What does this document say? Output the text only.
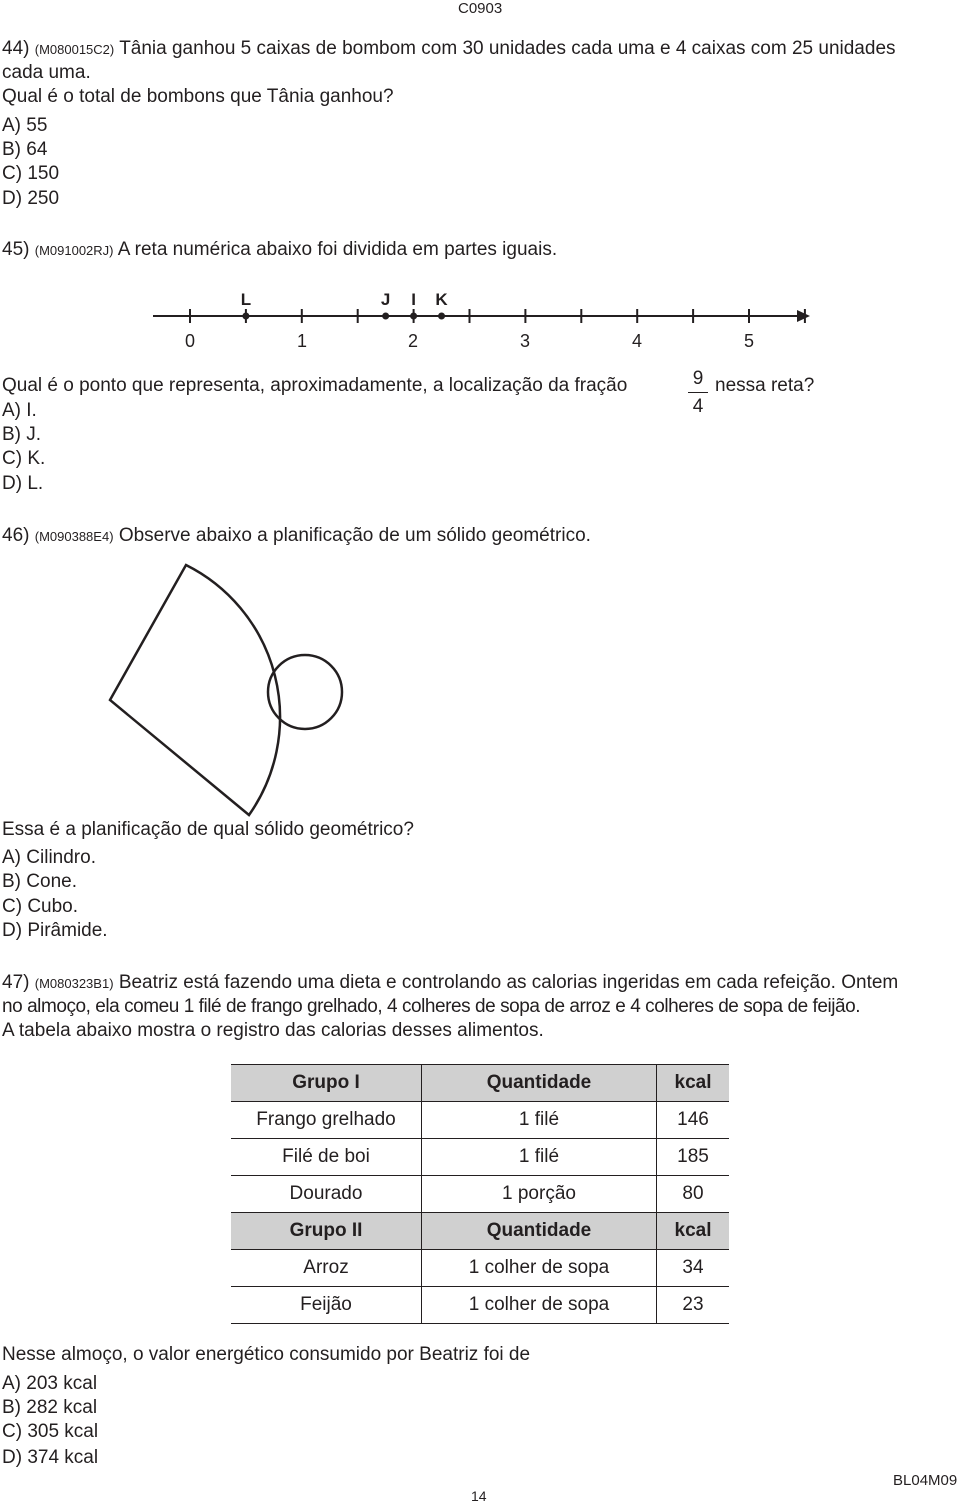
C0903
44) (M080015C2) Tânia ganhou 5 caixas de bombom com 30 unidades cada uma e 4 caixas com 25 unidades
cada uma.
Qual é o total de bombons que Tânia ganhou?
A) 55
B) 64
C) 150
D) 250
45) (M091002RJ) A reta numérica abaixo foi dividida em partes iguais.
L	J I K
0	1	2	3	4	5
Qual é o ponto que representa, aproximadamente, a localização da fração	9
4
nessa reta?
A) I.
B) J.
C) K.
D) L.
46) (M090388E4) Observe abaixo a planificação de um sólido geométrico.
Essa é a planificação de qual sólido geométrico?
A) Cilindro.
B) Cone.
C) Cubo.
D) Pirâmide.
47) (M080323B1) Beatriz está fazendo uma dieta e controlando as calorias ingeridas em cada refeição. Ontem
no almoço, ela comeu 1 filé de frango grelhado, 4 colheres de sopa de arroz e 4 colheres de sopa de feijão.
A tabela abaixo mostra o registro das calorias desses alimentos.
Grupo I	Quantidade	kcal
Frango grelhado	1 filé	146
Filé de boi	1 filé	185
Dourado	1 porção	80
Grupo II	Quantidade	kcal
Arroz	1 colher de sopa	34
Feijão	1 colher de sopa	23
Nesse almoço, o valor energético consumido por Beatriz foi de
A) 203 kcal
B) 282 kcal
C) 305 kcal
D) 374 kcal
14
BL04M09
